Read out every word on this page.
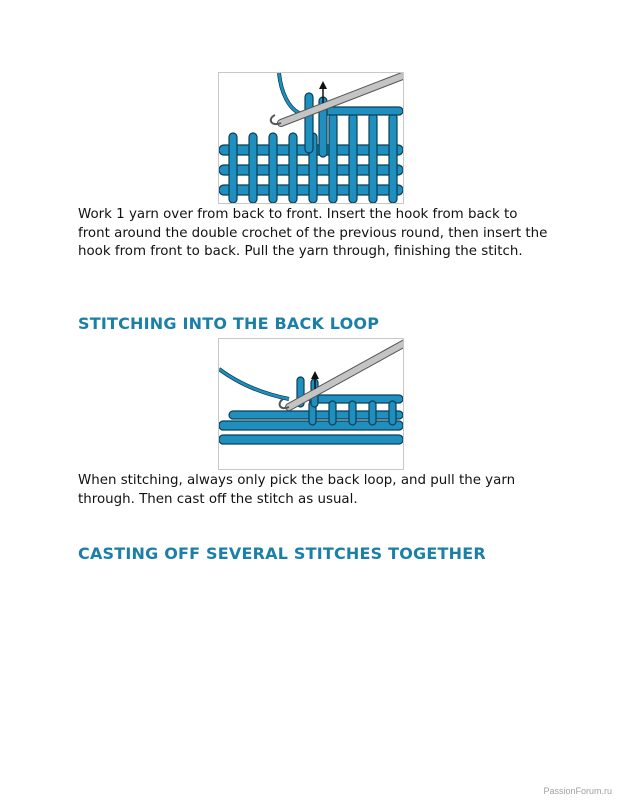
Work 1 yarn over from back to front. Insert the hook from back to front around the double crochet of the previous round, then insert the hook from front to back. Pull the yarn through, finishing the stitch.

STITCHING INTO THE BACK LOOP

When stitching, always only pick the back loop, and pull the yarn through. Then cast off the stitch as usual.

CASTING OFF SEVERAL STITCHES TOGETHER
PassionForum.ru
